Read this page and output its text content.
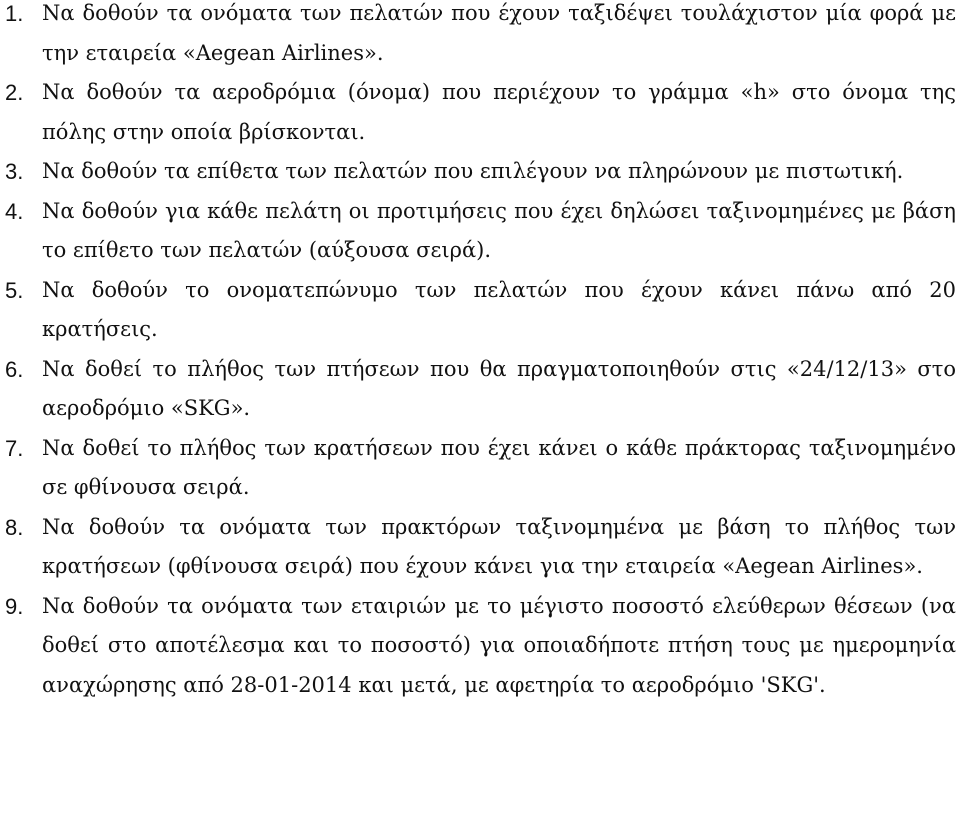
1. Να δοθούν τα ονόματα των πελατών που έχουν ταξιδέψει τουλάχιστον μία φορά με την εταιρεία «Aegean Airlines».
2. Να δοθούν τα αεροδρόμια (όνομα) που περιέχουν το γράμμα «h» στο όνομα της πόλης στην οποία βρίσκονται.
3. Να δοθούν τα επίθετα των πελατών που επιλέγουν να πληρώνουν με πιστωτική.
4. Να δοθούν για κάθε πελάτη οι προτιμήσεις που έχει δηλώσει ταξινομημένες με βάση το επίθετο των πελατών (αύξουσα σειρά).
5. Να δοθούν το ονοματεπώνυμο των πελατών που έχουν κάνει πάνω από 20 κρατήσεις.
6. Να δοθεί το πλήθος των πτήσεων που θα πραγματοποιηθούν στις «24/12/13» στο αεροδρόμιο «SKG».
7. Να δοθεί το πλήθος των κρατήσεων που έχει κάνει ο κάθε πράκτορας ταξινομημένο σε φθίνουσα σειρά.
8. Να δοθούν τα ονόματα των πρακτόρων ταξινομημένα με βάση το πλήθος των κρατήσεων (φθίνουσα σειρά) που έχουν κάνει για την εταιρεία «Aegean Airlines».
9. Να δοθούν τα ονόματα των εταιριών με το μέγιστο ποσοστό ελεύθερων θέσεων (να δοθεί στο αποτέλεσμα και το ποσοστό) για οποιαδήποτε πτήση τους με ημερομηνία αναχώρησης από 28-01-2014 και μετά, με αφετηρία το αεροδρόμιο 'SKG'.
